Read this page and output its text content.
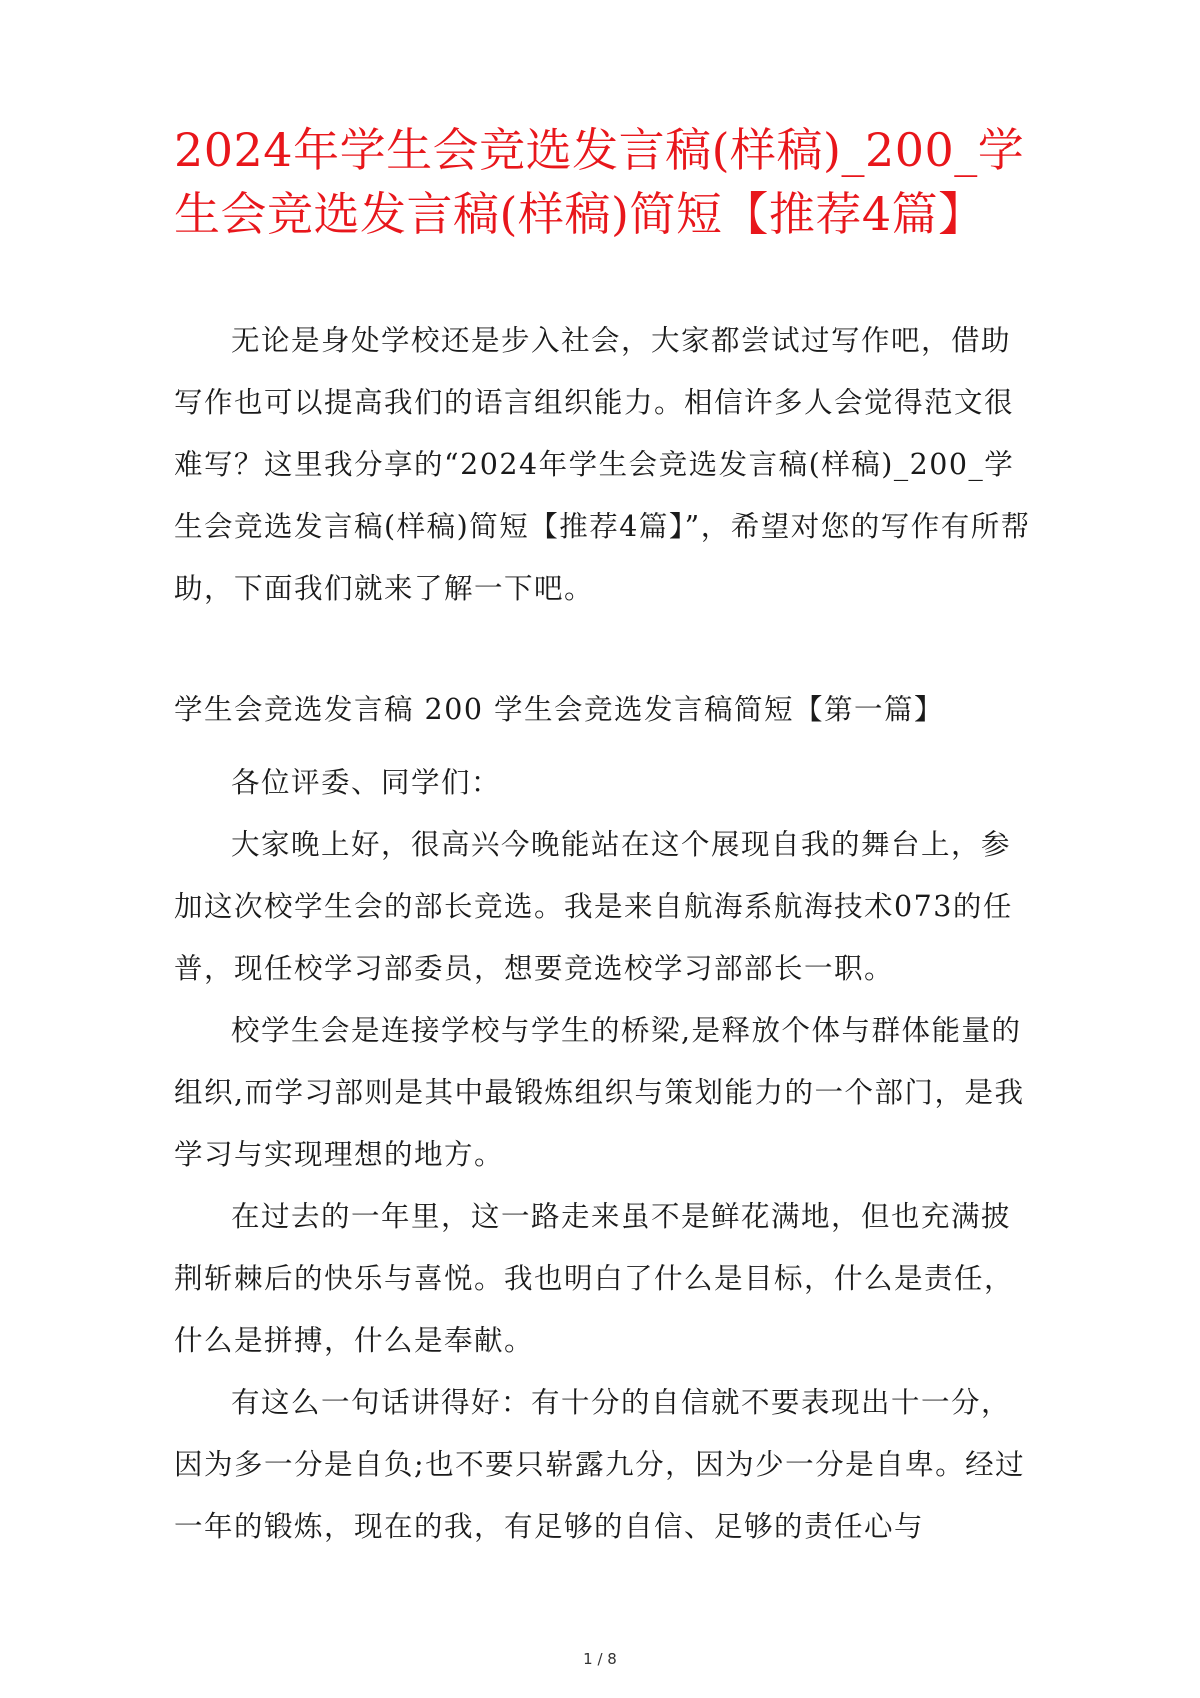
2024年学生会竞选发言稿(样稿)_200_学生会竞选发言稿(样稿)简短【推荐4篇】

无论是身处学校还是步入社会，大家都尝试过写作吧，借助写作也可以提高我们的语言组织能力。相信许多人会觉得范文很难写？这里我分享的“2024年学生会竞选发言稿(样稿)_200_学生会竞选发言稿(样稿)简短【推荐4篇】”，希望对您的写作有所帮助，下面我们就来了解一下吧。

学生会竞选发言稿 200 学生会竞选发言稿简短【第一篇】

各位评委、同学们：

大家晚上好，很高兴今晚能站在这个展现自我的舞台上，参加这次校学生会的部长竞选。我是来自航海系航海技术073的任普，现任校学习部委员，想要竞选校学习部部长一职。

校学生会是连接学校与学生的桥梁,是释放个体与群体能量的组织,而学习部则是其中最锻炼组织与策划能力的一个部门，是我学习与实现理想的地方。

在过去的一年里，这一路走来虽不是鲜花满地，但也充满披荆斩棘后的快乐与喜悦。我也明白了什么是目标，什么是责任，什么是拼搏，什么是奉献。

有这么一句话讲得好：有十分的自信就不要表现出十一分，因为多一分是自负;也不要只崭露九分，因为少一分是自卑。经过一年的锻炼，现在的我，有足够的自信、足够的责任心与

1 / 8
